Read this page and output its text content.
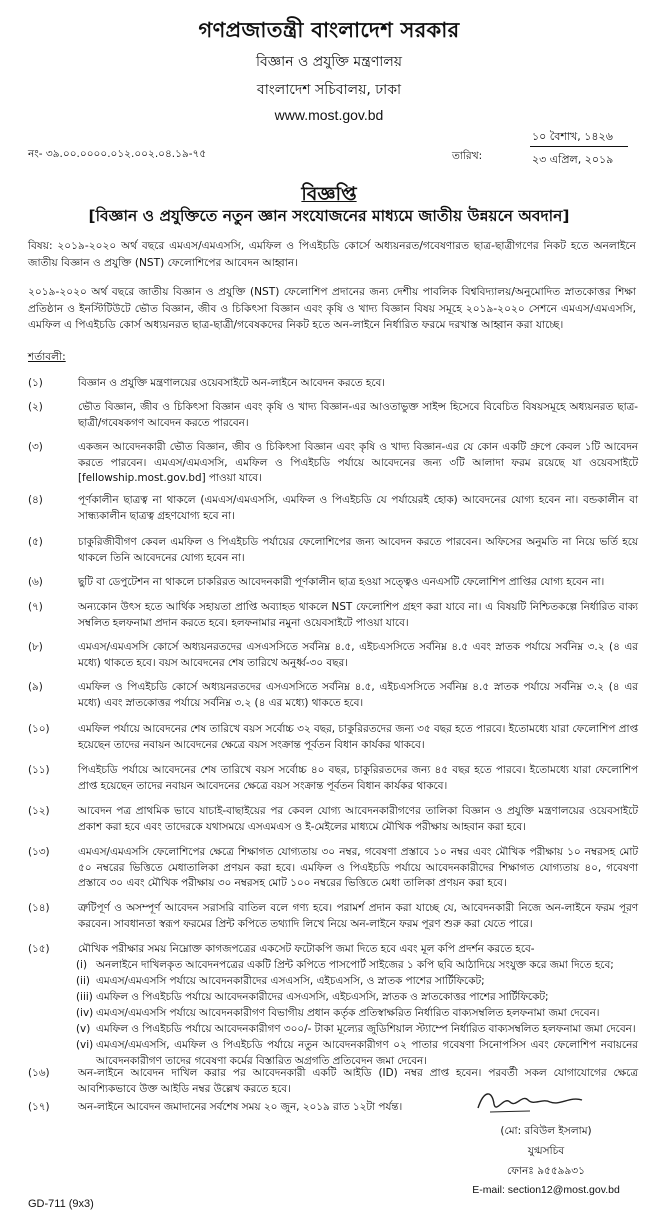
গণপ্রজাতন্ত্রী বাংলাদেশ সরকার
বিজ্ঞান ও প্রযুক্তি মন্ত্রণালয়
বাংলাদেশ সচিবালয়, ঢাকা
www.most.gov.bd
নং- ৩৯.০০.০০০০.০১২.০০২.০৪.১৯-৭৫	তারিখ:
১০ বৈশাখ, ১৪২৬
২৩ এপ্রিল, ২০১৯
বিজ্ঞপ্তি
[বিজ্ঞান ও প্রযুক্তিতে নতুন জ্ঞান সংযোজনের মাধ্যমে জাতীয় উন্নয়নে অবদান]
বিষয়: ২০১৯-২০২০ অর্থ বছরে এমএস/এমএসসি, এমফিল ও পিএইচডি কোর্সে অধ্যয়নরত/গবেষণারত ছাত্র-ছাত্রীগণের নিকট হতে অনলাইনে জাতীয় বিজ্ঞান ও প্রযুক্তি (NST) ফেলোশিপের আবেদন আহ্বান।
২০১৯-২০২০ অর্থ বছরে জাতীয় বিজ্ঞান ও প্রযুক্তি (NST) ফেলোশিপ প্রদানের জন্য দেশীয় পাবলিক বিশ্ববিদ্যালয়/অনুমোদিত স্নাতকোত্তর শিক্ষা প্রতিষ্ঠান ও ইনস্টিটিউটে ভৌত বিজ্ঞান, জীব ও চিকিৎসা বিজ্ঞান এবং কৃষি ও খাদ্য বিজ্ঞান বিষয় সমূহে ২০১৯-২০২০ সেশনে এমএস/এমএসসি, এমফিল এ পিএইচডি কোর্স অধ্যয়নরত ছাত্র-ছাত্রী/গবেষকদের নিকট হতে অন-লাইনে নির্ধারিত ফরমে দরখাস্ত আহ্বান করা যাচ্ছে।
শর্তাবলী:
(১)	বিজ্ঞান ও প্রযুক্তি মন্ত্রণালয়ের ওয়েবসাইটে অন-লাইনে আবেদন করতে হবে।
(২)	ভৌত বিজ্ঞান, জীব ও চিকিৎসা বিজ্ঞান এবং কৃষি ও খাদ্য বিজ্ঞান-এর আওতাভুক্ত সাইন্স হিসেবে বিবেচিত বিষয়সমূহে অধ্যয়নরত ছাত্র-ছাত্রী/গবেষকগণ আবেদন করতে পারবেন।
(৩)	একজন আবেদনকারী ভৌত বিজ্ঞান, জীব ও চিকিৎসা বিজ্ঞান এবং কৃষি ও খাদ্য বিজ্ঞান-এর যে কোন একটি গ্রুপে কেবল ১টি আবেদন করতে পারবেন। এমএস/এমএসসি, এমফিল ও পিএইচডি পর্যায়ে আবেদনের জন্য ৩টি আলাদা ফরম রয়েছে যা ওয়েবসাইটে [fellowship.most.gov.bd] পাওয়া যাবে।
(৪)	পূর্ণকালীন ছাত্রত্ব না থাকলে (এমএস/এমএসসি, এমফিল ও পিএইচডি যে পর্যায়েরই হোক) আবেদনের যোগ্য হবেন না। বন্ডকালীন বা সান্ধ্যকালীন ছাত্রত্ব গ্রহণযোগ্য হবে না।
(৫)	চাকুরিজীবীগণ কেবল এমফিল ও পিএইচডি পর্যায়ের ফেলোশিপের জন্য আবেদন করতে পারবেন। অফিসের অনুমতি না নিয়ে ভর্তি হয়ে থাকলে তিনি আবেদনের যোগ্য হবেন না।
(৬)	ছুটি বা ডেপুটেশন না থাকলে চাকরিরত আবেদনকারী পূর্ণকালীন ছাত্র হওয়া সত্ত্বেও এনএসটি ফেলোশিপ প্রাপ্তির যোগ্য হবেন না।
(৭)	অন্যকোন উৎস হতে আর্থিক সহায়তা প্রাপ্তি অব্যাহত থাকলে NST ফেলোশিপ গ্রহণ করা যাবে না। এ বিষয়টি নিশ্চিতকল্পে নির্ধারিত বাক্য সম্বলিত হলফনামা প্রদান করতে হবে। হলফনামার নমুনা ওয়েবসাইটে পাওয়া যাবে।
(৮)	এমএস/এমএসসি কোর্সে অধ্যয়নরতদের এসএসসিতে সর্বনিম্ন ৪.৫, এইচএসসিতে সর্বনিম্ন ৪.৫ এবং স্নাতক পর্যায়ে সর্বনিম্ন ৩.২ (৪ এর মধ্যে) থাকতে হবে। বয়স আবেদনের শেষ তারিখে অনুর্ধ্ব-৩০ বছর।
(৯)	এমফিল ও পিএইচডি কোর্সে অধ্যয়নরতদের এসএসসিতে সর্বনিম্ন ৪.৫, এইচএসসিতে সর্বনিম্ন ৪.৫ স্নাতক পর্যায়ে সর্বনিম্ন ৩.২ (৪ এর মধ্যে) এবং স্নাতকোত্তর পর্যায়ে সর্বনিম্ন ৩.২ (৪ এর মধ্যে) থাকতে হবে।
(১০)	এমফিল পর্যায়ে আবেদনের শেষ তারিখে বয়স সর্বোচ্চ ৩২ বছর, চাকুরিরতদের জন্য ৩৫ বছর হতে পারবে। ইতোমধ্যে যারা ফেলোশিপ প্রাপ্ত হয়েছেন তাদের নবায়ন আবেদনের ক্ষেত্রে বয়স সংক্রান্ত পূর্বতন বিধান কার্যকর থাকবে।
(১১)	পিএইচডি পর্যায়ে আবেদনের শেষ তারিখে বয়স সর্বোচ্চ ৪০ বছর, চাকুরিরতদের জন্য ৪৫ বছর হতে পারবে। ইতোমধ্যে যারা ফেলোশিপ প্রাপ্ত হয়েছেন তাদের নবায়ন আবেদনের ক্ষেত্রে বয়স সংক্রান্ত পূর্বতন বিধান কার্যকর থাকবে।
(১২)	আবেদন পত্র প্রাথমিক ভাবে যাচাই-বাছাইয়ের পর কেবল যোগ্য আবেদনকারীগণের তালিকা বিজ্ঞান ও প্রযুক্তি মন্ত্রণালয়ের ওয়েবসাইটে প্রকাশ করা হবে এবং তাদেরকে যথাসময়ে এসএমএস ও ই-মেইলের মাধ্যমে মৌখিক পরীক্ষায় আহবান করা হবে।
(১৩)	এমএস/এমএসসি ফেলোশিপের ক্ষেত্রে শিক্ষাগত যোগ্যতায় ৩০ নম্বর, গবেষণা প্রস্তাবে ১০ নম্বর এবং মৌখিক পরীক্ষায় ১০ নম্বরসহ মোট ৫০ নম্বরের ভিত্তিতে মেধাতালিকা প্রণয়ন করা হবে। এমফিল ও পিএইচডি পর্যায়ে আবেদনকারীদের শিক্ষাগত যোগ্যতায় ৪০, গবেষণা প্রস্তাবে ৩০ এবং মৌখিক পরীক্ষায় ৩০ নম্বরসহ মোট ১০০ নম্বরের ভিত্তিতে মেধা তালিকা প্রণয়ন করা হবে।
(১৪)	ত্রুটিপূর্ণ ও অসম্পূর্ণ আবেদন সরাসরি বাতিল বলে গণ্য হবে। পরামর্শ প্রদান করা যাচ্ছে যে, আবেদনকারী নিজে অন-লাইনে ফরম পূরণ করবেন। সাবধানতা স্বরূপ ফরমের প্রিন্ট কপিতে তথ্যাদি লিখে নিয়ে অন-লাইনে ফরম পূরণ শুরু করা যেতে পারে।
(১৫)	মৌখিক পরীক্ষার সময় নিম্নোক্ত কাগজপত্রের একসেট ফটোকপি জমা দিতে হবে এবং মূল কপি প্রদর্শন করতে হবে-
(i) অনলাইনে দাখিলকৃত আবেদনপত্রের একটি প্রিন্ট কপিতে পাসপোর্ট সাইজের ১ কপি ছবি আঠাদিয়ে সংযুক্ত করে জমা দিতে হবে;
(ii) এমএস/এমএসসি পর্যায়ে আবেদনকারীদের এসএসসি, এইচএসসি, ও স্নাতক পাশের সার্টিফিকেট;
(iii) এমফিল ও পিএইচডি পর্যায়ে আবেদনকারীদের এসএসসি, এইচএসসি, স্নাতক ও স্নাতকোত্তর পাশের সার্টিফিকেট;
(iv) এমএস/এমএসসি পর্যায়ে আবেদনকারীগণ বিভাগীয় প্রধান কর্তৃক প্রতিস্বাক্ষরিত নির্ধারিত বাক্যসম্বলিত হলফনামা জমা দেবেন।
(v) এমফিল ও পিএইচডি পর্যায়ে আবেদনকারীগণ ৩০০/- টাকা মূল্যের জুডিশিয়াল স্ট্যাম্পে নির্ধারিত বাক্যসম্বলিত হলফনামা জমা দেবেন।
(vi) এমএস/এমএসসি, এমফিল ও পিএইচডি পর্যায়ে নতুন আবেদনকারীগণ ০২ পাতার গবেষণা সিনোপসিস এবং ফেলোশিপ নবায়নের আবেদনকারীগণ তাদের গবেষণা কর্মের বিস্তারিত অগ্রগতি প্রতিবেদন জমা দেবেন।
(১৬)	অন-লাইনে আবেদন দাখিল করার পর আবেদনকারী একটি আইডি (ID) নম্বর প্রাপ্ত হবেন। পরবর্তী সকল যোগাযোগের ক্ষেত্রে আবশ্যিকভাবে উক্ত আইডি নম্বর উল্লেখ করতে হবে।
(১৭)	অন-লাইনে আবেদন জমাদানের সর্বশেষ সময় ২০ জুন, ২০১৯ রাত ১২টা পর্যন্ত।
(মো: রবিউল ইসলাম)
যুগ্মসচিব
ফোনঃ ৯৫৫৯৯৩১
E-mail: section12@most.gov.bd
GD-711 (9x3)
